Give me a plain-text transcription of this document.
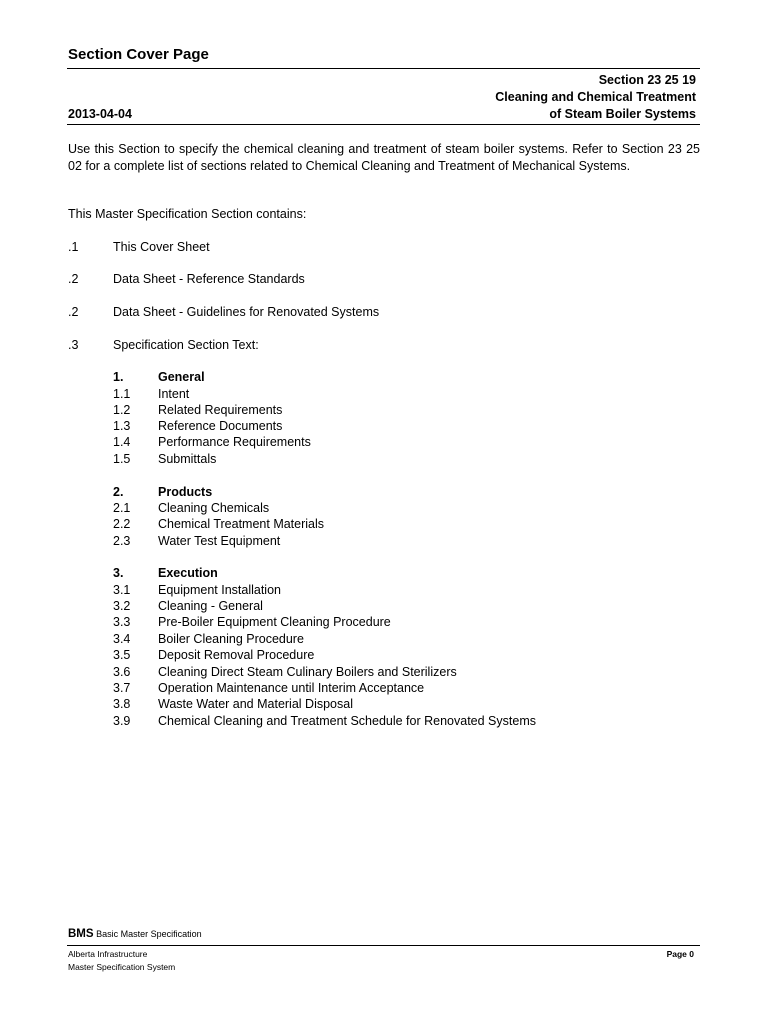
Section Cover Page
Section 23 25 19
Cleaning and Chemical Treatment
of Steam Boiler Systems
2013-04-04
Use this Section to specify the chemical cleaning and treatment of steam boiler systems. Refer to Section 23 25 02 for a complete list of sections related to Chemical Cleaning and Treatment of Mechanical Systems.
This Master Specification Section contains:
.1	This Cover Sheet
.2	Data Sheet - Reference Standards
.2	Data Sheet - Guidelines for Renovated Systems
.3	Specification Section Text:
1.	General
1.1 Intent
1.2 Related Requirements
1.3 Reference Documents
1.4 Performance Requirements
1.5 Submittals
2.	Products
2.1 Cleaning Chemicals
2.2 Chemical Treatment Materials
2.3 Water Test Equipment
3.	Execution
3.1 Equipment Installation
3.2 Cleaning - General
3.3 Pre-Boiler Equipment Cleaning Procedure
3.4 Boiler Cleaning Procedure
3.5 Deposit Removal Procedure
3.6 Cleaning Direct Steam Culinary Boilers and Sterilizers
3.7 Operation Maintenance until Interim Acceptance
3.8 Waste Water and Material Disposal
3.9 Chemical Cleaning and Treatment Schedule for Renovated Systems
BMS Basic Master Specification
Alberta Infrastructure
Master Specification System
Page 0
